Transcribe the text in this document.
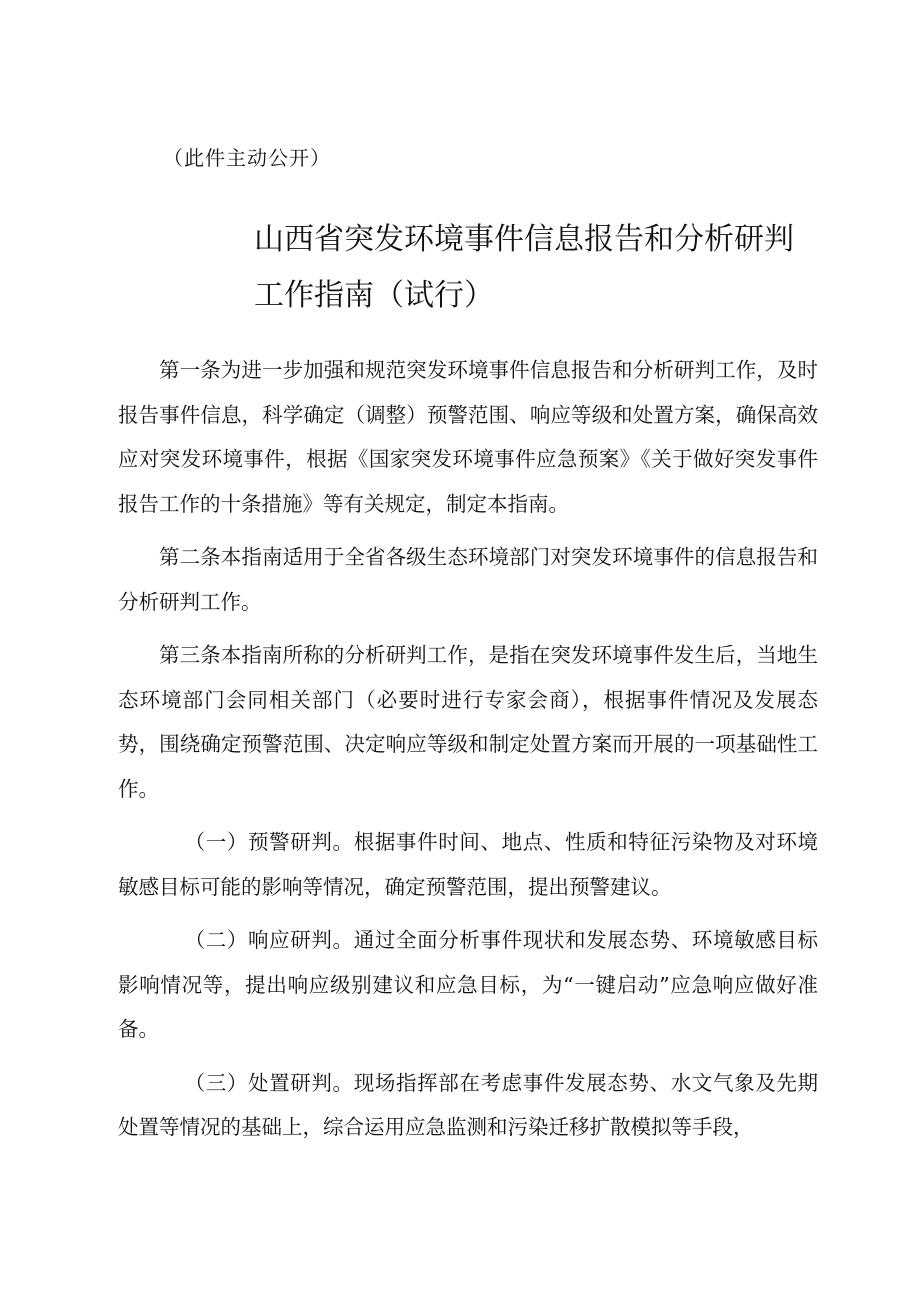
（此件主动公开）
山西省突发环境事件信息报告和分析研判
工作指南（试行）

第一条为进一步加强和规范突发环境事件信息报告和分析研判工作，及时报告事件信息，科学确定（调整）预警范围、响应等级和处置方案，确保高效应对突发环境事件，根据《国家突发环境事件应急预案》《关于做好突发事件报告工作的十条措施》等有关规定，制定本指南。

第二条本指南适用于全省各级生态环境部门对突发环境事件的信息报告和分析研判工作。

第三条本指南所称的分析研判工作，是指在突发环境事件发生后，当地生态环境部门会同相关部门（必要时进行专家会商），根据事件情况及发展态势，围绕确定预警范围、决定响应等级和制定处置方案而开展的一项基础性工作。

（一）预警研判。根据事件时间、地点、性质和特征污染物及对环境敏感目标可能的影响等情况，确定预警范围，提出预警建议。

（二）响应研判。通过全面分析事件现状和发展态势、环境敏感目标影响情况等，提出响应级别建议和应急目标，为“一键启动”应急响应做好准备。

（三）处置研判。现场指挥部在考虑事件发展态势、水文气象及先期处置等情况的基础上，综合运用应急监测和污染迁移扩散模拟等手段，
